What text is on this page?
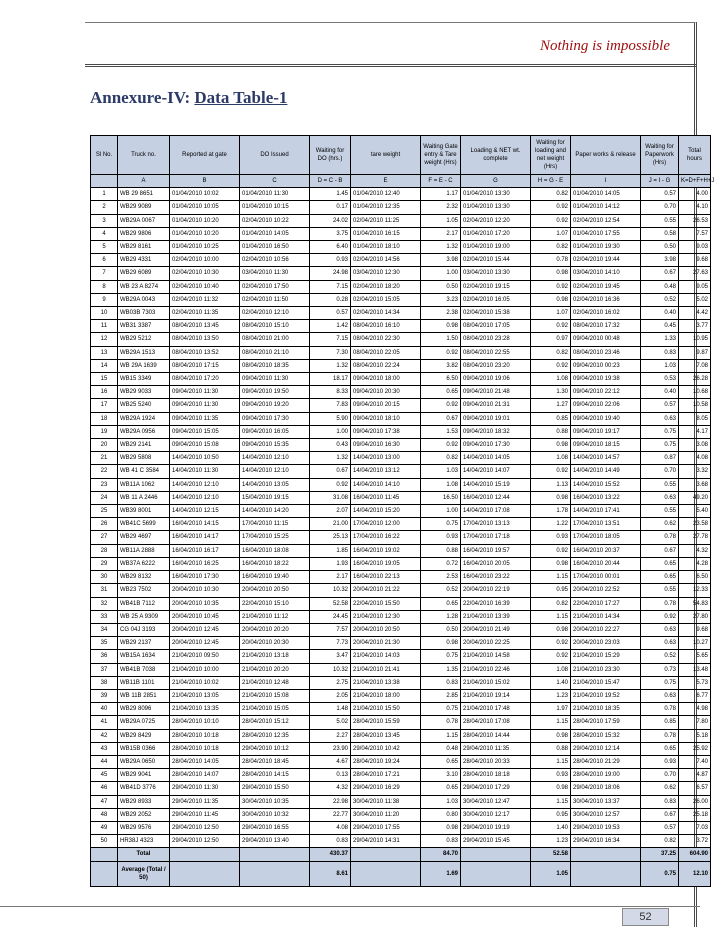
Nothing is impossible
Annexure-IV: Data Table-1
Sl No.	Truck no.	Reported at gate	DO Issued	Waiting for DO (hrs.)	tare weight	Waiting Gate entry & Tare weight (Hrs)	Loading & NET wt. complete	Waiting for loading and net weight (Hrs)	Paper works & release	Waiting for Paperwork (Hrs)	Total hours
	A	B	C	D = C - B	E	F = E - C	G	H = G - E	I	J = I - G	K=D+F+H+J
1	WB 29 8651	01/04/2010 10:02	01/04/2010 11:30	1.45	01/04/2010 12:40	1.17	01/04/2010 13:30	0.82	01/04/2010 14:05	0.57	4.00
2	WB29 9089	01/04/2010 10:05	01/04/2010 10:15	0.17	01/04/2010 12:35	2.32	01/04/2010 13:30	0.92	01/04/2010 14:12	0.70	4.10
3	WB29A 0067	01/04/2010 10:20	02/04/2010 10:22	24.02	02/04/2010 11:25	1.05	02/04/2010 12:20	0.92	02/04/2010 12:54	0.55	26.53
4	WB29 9806	01/04/2010 10:20	01/04/2010 14:05	3.75	01/04/2010 16:15	2.17	01/04/2010 17:20	1.07	01/04/2010 17:55	0.58	7.57
5	WB29 8161	01/04/2010 10:25	01/04/2010 16:50	6.40	01/04/2010 18:10	1.32	01/04/2010 19:00	0.82	01/04/2010 19:30	0.50	9.03
6	WB29 4331	02/04/2010 10:00	02/04/2010 10:56	0.93	02/04/2010 14:56	3.98	02/04/2010 15:44	0.78	02/04/2010 19:44	3.98	9.68
7	WB29 6089	02/04/2010 10:30	03/04/2010 11:30	24.98	03/04/2010 12:30	1.00	03/04/2010 13:30	0.98	03/04/2010 14:10	0.67	27.63
8	WB 23 A 8274	02/04/2010 10:40	02/04/2010 17:50	7.15	02/04/2010 18:20	0.50	02/04/2010 19:15	0.92	02/04/2010 19:45	0.48	9.05
9	WB29A 0043	02/04/2010 11:32	02/04/2010 11:50	0.28	02/04/2010 15:05	3.23	02/04/2010 16:05	0.98	02/04/2010 16:36	0.52	5.02
10	WB03B 7303	02/04/2010 11:35	02/04/2010 12:10	0.57	02/04/2010 14:34	2.38	02/04/2010 15:38	1.07	02/04/2010 16:02	0.40	4.42
11	WB31 3387	08/04/2010 13:45	08/04/2010 15:10	1.42	08/04/2010 16:10	0.98	08/04/2010 17:05	0.92	08/04/2010 17:32	0.45	3.77
12	WB29 5212	08/04/2010 13:50	08/04/2010 21:00	7.15	08/04/2010 22:30	1.50	08/04/2010 23:28	0.97	09/04/2010 00:48	1.33	10.95
13	WB29A 1513	08/04/2010 13:52	08/04/2010 21:10	7.30	08/04/2010 22:05	0.92	08/04/2010 22:55	0.82	08/04/2010 23:46	0.83	9.87
14	WB 29A 1639	08/04/2010 17:15	08/04/2010 18:35	1.32	08/04/2010 22:24	3.82	08/04/2010 23:20	0.92	09/04/2010 00:23	1.03	7.08
15	WB15 3349	08/04/2010 17:20	09/04/2010 11:30	18.17	09/04/2010 18:00	6.50	09/04/2010 19:06	1.08	09/04/2010 19:38	0.53	26.28
16	WB29 9033	09/04/2010 11:30	09/04/2010 19:50	8.33	09/04/2010 20:30	0.65	09/04/2010 21:48	1.30	09/04/2010 22:12	0.40	10.68
17	WB25 5240	09/04/2010 11:30	09/04/2010 19:20	7.83	09/04/2010 20:15	0.92	09/04/2010 21:31	1.27	09/04/2010 22:06	0.57	10.58
18	WB29A 1924	09/04/2010 11:35	09/04/2010 17:30	5.90	09/04/2010 18:10	0.67	09/04/2010 19:01	0.85	09/04/2010 19:40	0.63	8.05
19	WB29A 0956	09/04/2010 15:05	09/04/2010 16:05	1.00	09/04/2010 17:38	1.53	09/04/2010 18:32	0.88	09/04/2010 19:17	0.75	4.17
20	WB29 2141	09/04/2010 15:08	09/04/2010 15:35	0.43	09/04/2010 16:30	0.92	09/04/2010 17:30	0.98	09/04/2010 18:15	0.75	3.08
21	WB29 5808	14/04/2010 10:50	14/04/2010 12:10	1.32	14/04/2010 13:00	0.82	14/04/2010 14:05	1.08	14/04/2010 14:57	0.87	4.08
22	WB 41 C 3584	14/04/2010 11:30	14/04/2010 12:10	0.67	14/04/2010 13:12	1.03	14/04/2010 14:07	0.92	14/04/2010 14:49	0.70	3.32
23	WB11A 1062	14/04/2010 12:10	14/04/2010 13:05	0.92	14/04/2010 14:10	1.08	14/04/2010 15:19	1.13	14/04/2010 15:52	0.55	3.68
24	WB 11 A 2446	14/04/2010 12:10	15/04/2010 19:15	31.08	16/04/2010 11:45	16.50	16/04/2010 12:44	0.98	16/04/2010 13:22	0.63	49.20
25	WB39 8001	14/04/2010 12:15	14/04/2010 14:20	2.07	14/04/2010 15:20	1.00	14/04/2010 17:08	1.78	14/04/2010 17:41	0.55	5.40
26	WB41C 5699	16/04/2010 14:15	17/04/2010 11:15	21.00	17/04/2010 12:00	0.75	17/04/2010 13:13	1.22	17/04/2010 13:51	0.62	23.58
27	WB29 4697	16/04/2010 14:17	17/04/2010 15:25	25.13	17/04/2010 16:22	0.93	17/04/2010 17:18	0.93	17/04/2010 18:05	0.78	27.78
28	WB11A 2888	16/04/2010 16:17	16/04/2010 18:08	1.85	16/04/2010 19:02	0.88	16/04/2010 19:57	0.92	16/04/2010 20:37	0.67	4.32
29	WB37A 6222	16/04/2010 16:25	16/04/2010 18:22	1.93	16/04/2010 19:05	0.72	16/04/2010 20:05	0.98	16/04/2010 20:44	0.65	4.28
30	WB29 8132	16/04/2010 17:30	16/04/2010 19:40	2.17	16/04/2010 22:13	2.53	16/04/2010 23:22	1.15	17/04/2010 00:01	0.65	6.50
31	WB23 7502	20/04/2010 10:30	20/04/2010 20:50	10.32	20/04/2010 21:22	0.52	20/04/2010 22:19	0.95	20/04/2010 22:52	0.55	12.33
32	WB41B 7112	20/04/2010 10:35	22/04/2010 15:10	52.58	22/04/2010 15:50	0.65	22/04/2010 16:39	0.82	22/04/2010 17:27	0.78	54.83
33	WB 25 A 9309	20/04/2010 10:45	21/04/2010 11:12	24.45	21/04/2010 12:30	1.28	21/04/2010 13:39	1.15	21/04/2010 14:34	0.92	27.80
34	CG 04J 3193	20/04/2010 12:45	20/04/2010 20:20	7.57	20/04/2010 20:50	0.50	20/04/2010 21:49	0.98	20/04/2010 22:27	0.63	9.68
35	WB29 2137	20/04/2010 12:45	20/04/2010 20:30	7.73	20/04/2010 21:30	0.98	20/04/2010 22:25	0.92	20/04/2010 23:03	0.63	10.27
36	WB15A 1634	21/04/2010 09:50	21/04/2010 13:18	3.47	21/04/2010 14:03	0.75	21/04/2010 14:58	0.92	21/04/2010 15:29	0.52	5.65
37	WB41B 7038	21/04/2010 10:00	21/04/2010 20:20	10.32	21/04/2010 21:41	1.35	21/04/2010 22:46	1.08	21/04/2010 23:30	0.73	13.48
38	WB11B 1101	21/04/2010 10:02	21/04/2010 12:48	2.75	21/04/2010 13:38	0.83	21/04/2010 15:02	1.40	21/04/2010 15:47	0.75	5.73
39	WB 11B 2851	21/04/2010 13:05	21/04/2010 15:08	2.05	21/04/2010 18:00	2.85	21/04/2010 19:14	1.23	21/04/2010 19:52	0.63	6.77
40	WB29 8096	21/04/2010 13:35	21/04/2010 15:05	1.48	21/04/2010 15:50	0.75	21/04/2010 17:48	1.97	21/04/2010 18:35	0.78	4.98
41	WB29A 0725	28/04/2010 10:10	28/04/2010 15:12	5.02	28/04/2010 15:59	0.78	28/04/2010 17:08	1.15	28/04/2010 17:59	0.85	7.80
42	WB29 8429	28/04/2010 10:18	28/04/2010 12:35	2.27	28/04/2010 13:45	1.15	28/04/2010 14:44	0.98	28/04/2010 15:32	0.78	5.18
43	WB15B 0366	28/04/2010 10:18	29/04/2010 10:12	23.90	29/04/2010 10:42	0.48	29/04/2010 11:35	0.88	29/04/2010 12:14	0.65	25.92
44	WB29A 0650	28/04/2010 14:05	28/04/2010 18:45	4.67	28/04/2010 19:24	0.65	28/04/2010 20:33	1.15	28/04/2010 21:29	0.93	7.40
45	WB29 9041	28/04/2010 14:07	28/04/2010 14:15	0.13	28/04/2010 17:21	3.10	28/04/2010 18:18	0.93	28/04/2010 19:00	0.70	4.87
46	WB41D 3776	29/04/2010 11:30	29/04/2010 15:50	4.32	29/04/2010 16:29	0.65	29/04/2010 17:29	0.98	29/04/2010 18:06	0.62	6.57
47	WB29 8933	29/04/2010 11:35	30/04/2010 10:35	22.98	30/04/2010 11:38	1.03	30/04/2010 12:47	1.15	30/04/2010 13:37	0.83	26.00
48	WB29 2052	29/04/2010 11:45	30/04/2010 10:32	22.77	30/04/2010 11:20	0.80	30/04/2010 12:17	0.95	30/04/2010 12:57	0.67	25.18
49	WB29 9576	29/04/2010 12:50	29/04/2010 16:55	4.08	29/04/2010 17:55	0.98	29/04/2010 19:19	1.40	29/04/2010 19:53	0.57	7.03
50	HR38J 4323	29/04/2010 12:50	29/04/2010 13:40	0.83	29/04/2010 14:31	0.83	29/04/2010 15:45	1.23	29/04/2010 16:34	0.82	3.72
	Total			430.37		84.70		52.58		37.25	604.90
	Average (Total / 50)			8.61		1.69		1.05		0.75	12.10
52
